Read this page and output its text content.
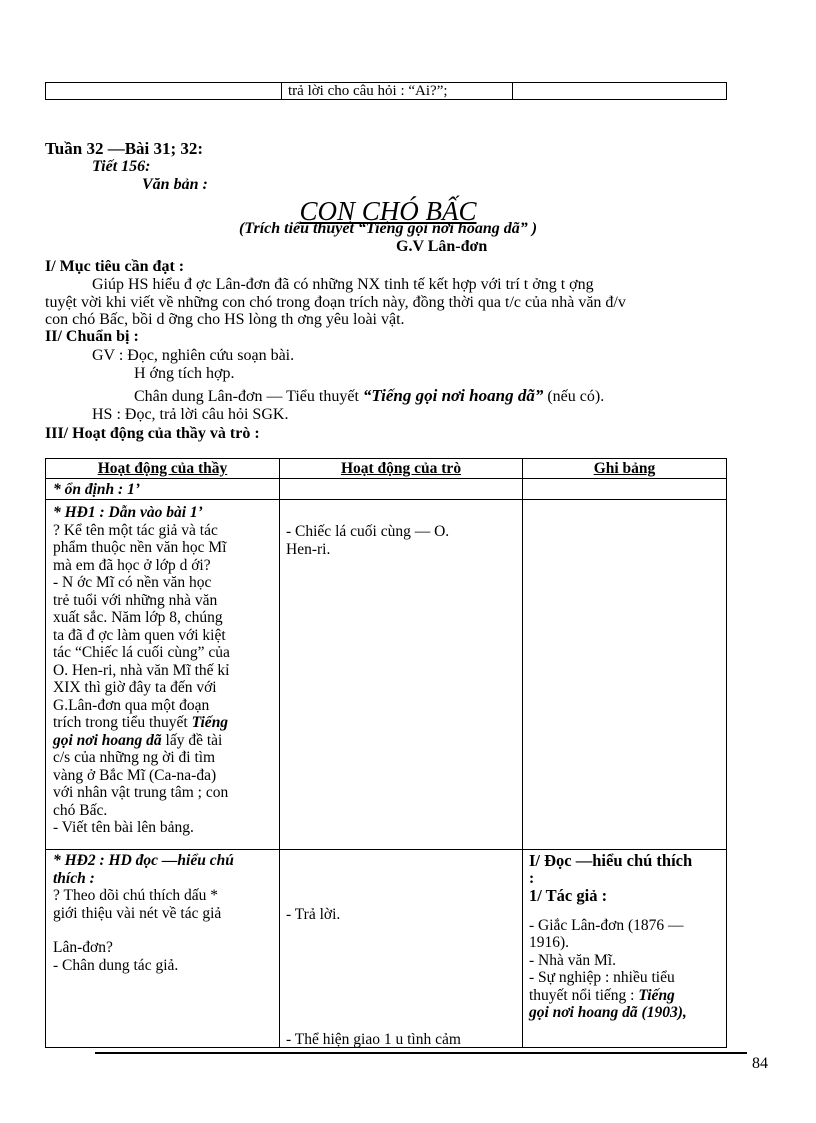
trả lời cho câu hỏi : “Ai?”;
Tuần 32 —Bài 31; 32:
Tiết 156:
Văn bản :
CON CHÓ BẤC
(Trích tiểu thuyết “Tiếng gọi nơi hoang dã” )
G.V Lân-đơn
I/ Mục tiêu cần đạt :
Giúp HS hiểu đ ợc Lân-đơn đã có những NX tinh tế kết hợp với trí t ởng t ợng
tuyệt vời khi viết về những con chó trong đoạn trích này, đồng thời qua t/c của nhà văn đ/v
con chó Bấc, bồi d ỡng cho HS lòng th ơng yêu loài vật.
II/ Chuẩn bị :
GV : Đọc, nghiên cứu soạn bài.
H ớng tích hợp.
Chân dung Lân-đơn — Tiểu thuyết “Tiếng gọi nơi hoang dã” (nếu có).
HS : Đọc, trả lời câu hỏi SGK.
III/ Hoạt động của thầy và trò :
Hoạt động của thầy	Hoạt động của trò	Ghi bảng
* ổn định : 1’

* HĐ1 : Dẫn vào bài 1’

? Kể tên một tác giả và tác

phẩm thuộc nền văn học Mĩ

mà em đã học ở lớp d ới?

- N ớc Mĩ có nền văn học

trẻ tuổi với những nhà văn

xuất sắc. Năm lớp 8, chúng

ta đã đ ợc làm quen với kiệt

tác “Chiếc lá cuối cùng” của

O. Hen-ri, nhà văn Mĩ thế kỉ

XIX thì giờ đây ta đến với

G.Lân-đơn qua một đoạn

trích trong tiểu thuyết Tiếng

gọi nơi hoang dã lấy đề tài

c/s của những ng ời đi tìm

vàng ở Bắc Mĩ (Ca-na-đa)

với nhân vật trung tâm ; con

chó Bấc.

- Viết tên bài lên bảng.

- Chiếc lá cuối cùng — O.

Hen-ri.

* HĐ2 : HD đọc —hiểu chú

thích :

? Theo dõi chú thích dấu *

giới thiệu vài nét về tác giả

Lân-đơn?

- Chân dung tác giả.

- Trả lời.
- Thể hiện giao 1 u tình cảm

I/ Đọc —hiểu chú thích

:

1/ Tác giả :

- Giắc Lân-đơn (1876 —

1916).

- Nhà văn Mĩ.

- Sự nghiệp : nhiều tiểu

thuyết nổi tiếng : Tiếng

gọi nơi hoang dã (1903),

84
